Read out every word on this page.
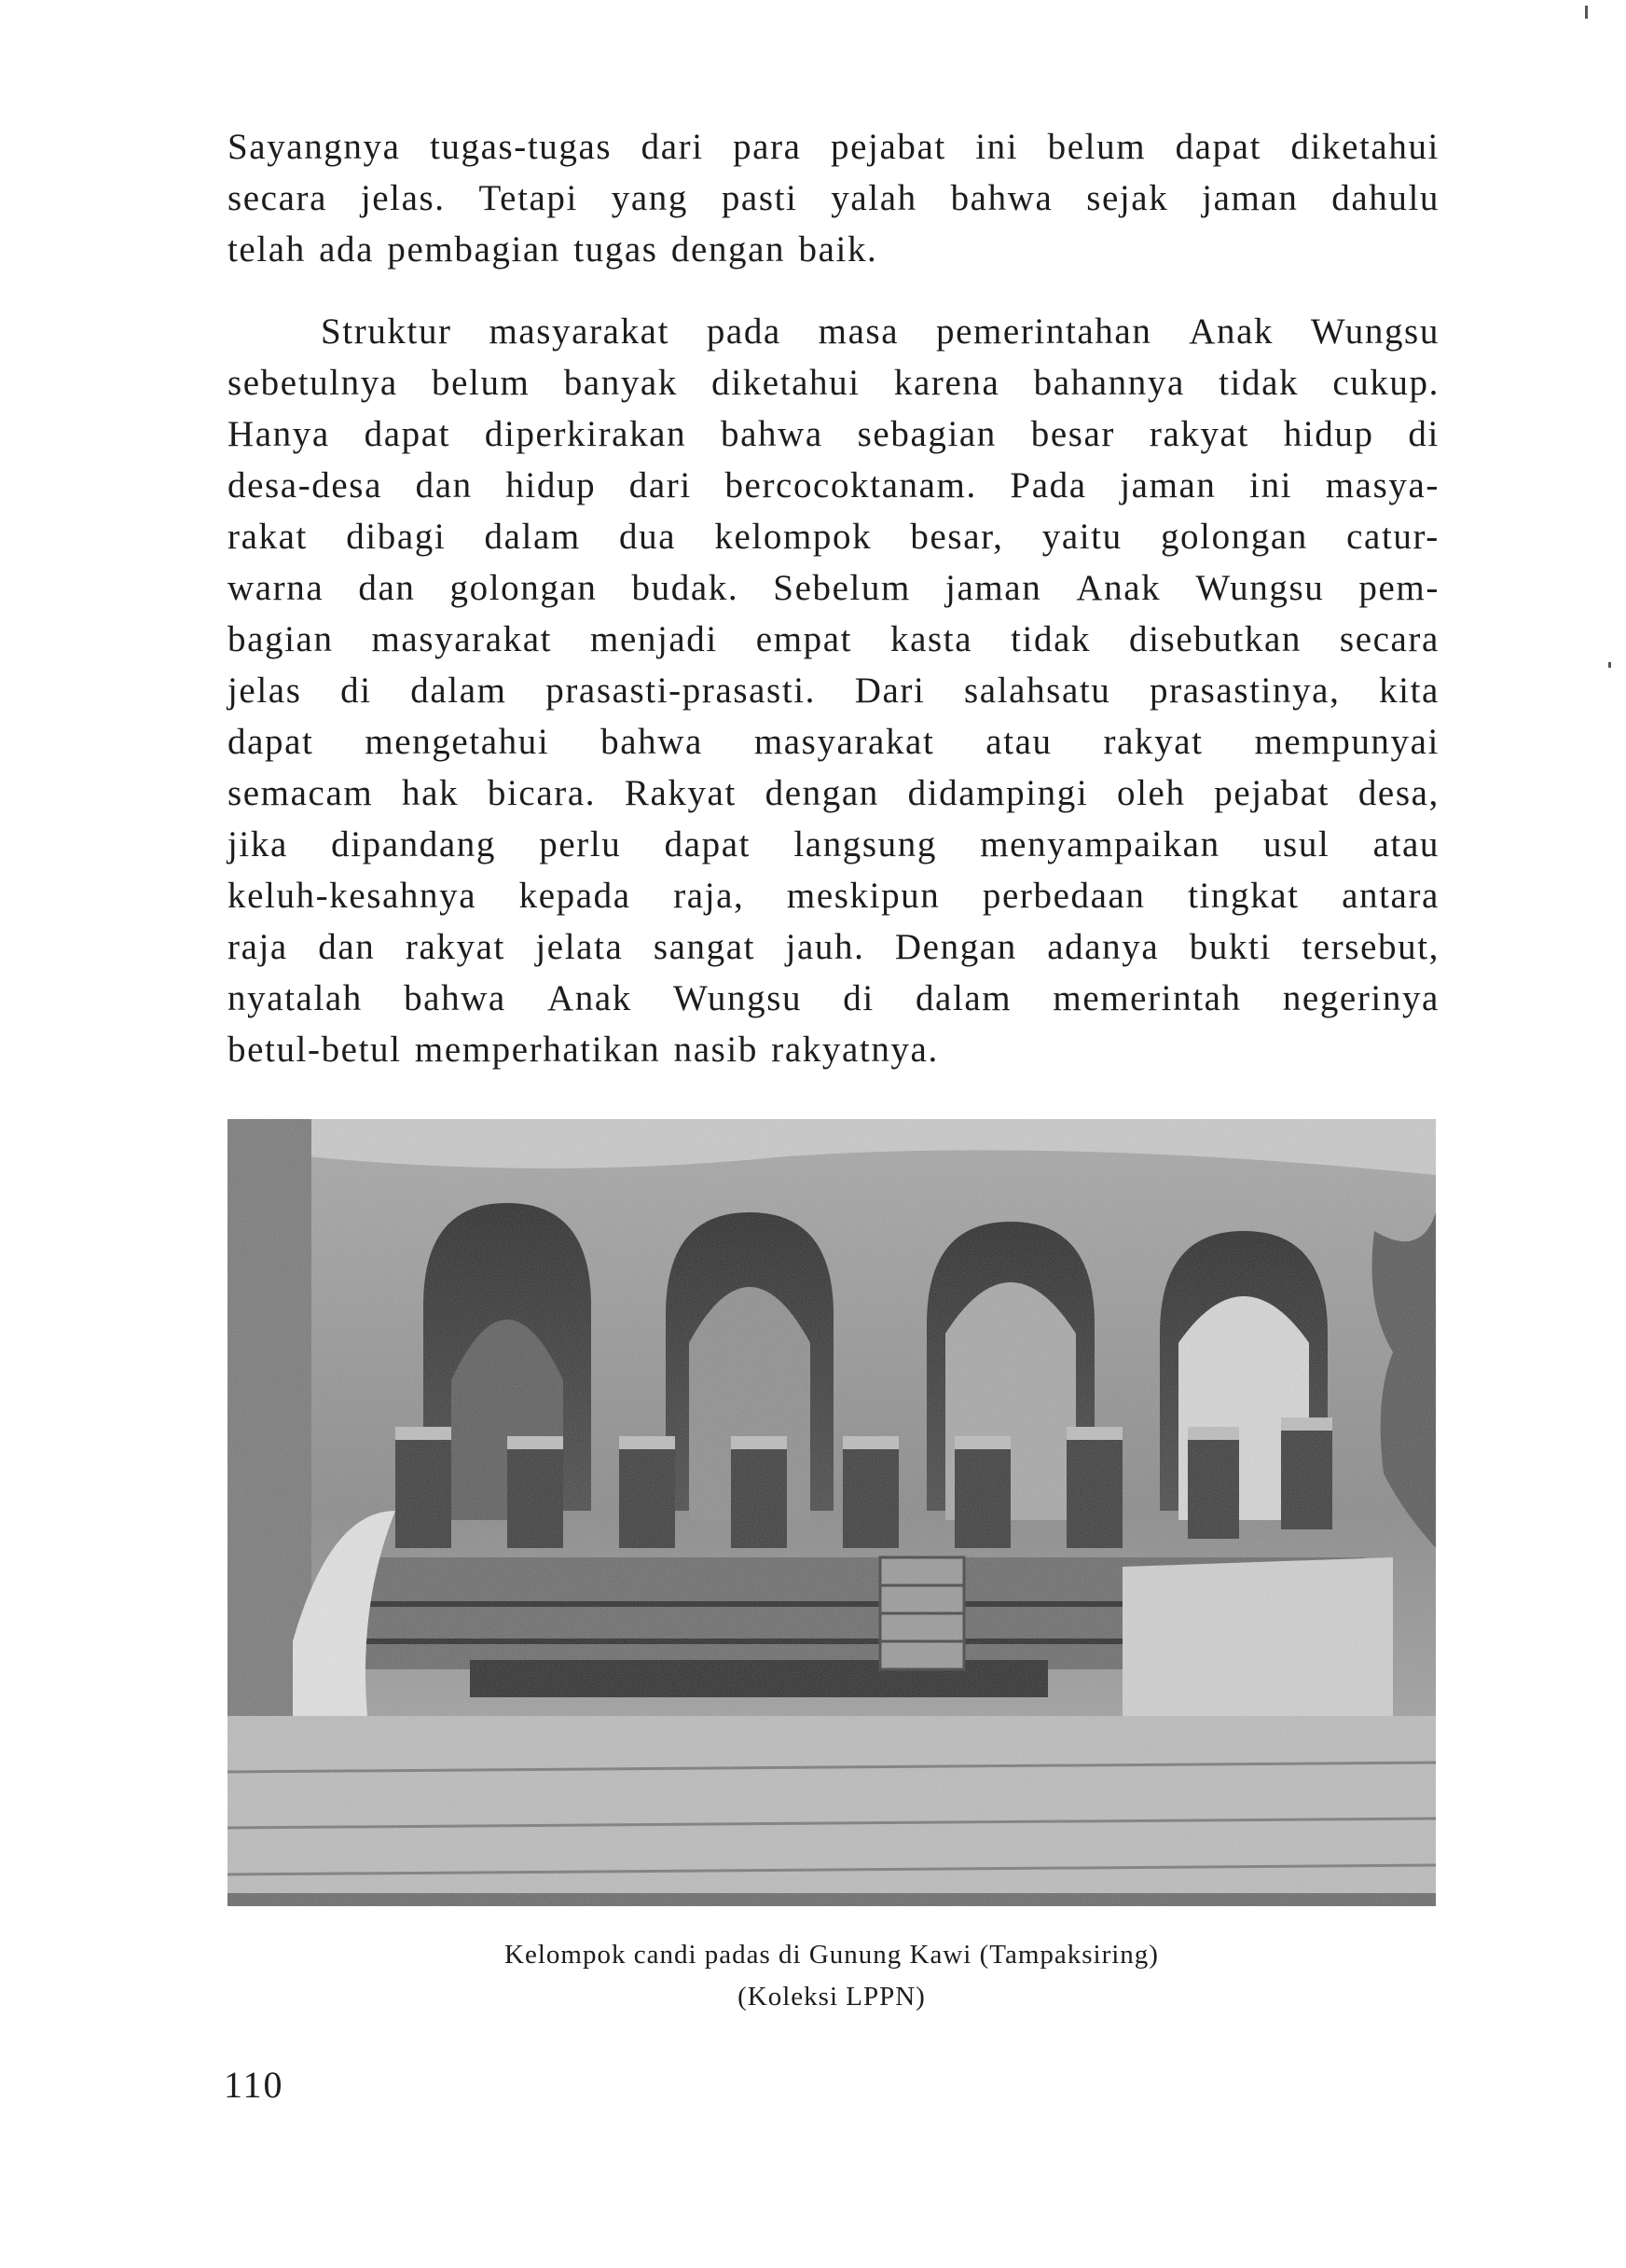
Sayangnya tugas-tugas dari para pejabat ini belum dapat diketahui
secara jelas. Tetapi yang pasti yalah bahwa sejak jaman dahulu
telah ada pembagian tugas dengan baik.
Struktur masyarakat pada masa pemerintahan Anak Wungsu
sebetulnya belum banyak diketahui karena bahannya tidak cukup.
Hanya dapat diperkirakan bahwa sebagian besar rakyat hidup di
desa-desa dan hidup dari bercocoktanam. Pada jaman ini masya-
rakat dibagi dalam dua kelompok besar, yaitu golongan catur-
warna dan golongan budak. Sebelum jaman Anak Wungsu pem-
bagian masyarakat menjadi empat kasta tidak disebutkan secara
jelas di dalam prasasti-prasasti. Dari salahsatu prasastinya, kita
dapat mengetahui bahwa masyarakat atau rakyat mempunyai
semacam hak bicara. Rakyat dengan didampingi oleh pejabat desa,
jika dipandang perlu dapat langsung menyampaikan usul atau
keluh-kesahnya kepada raja, meskipun perbedaan tingkat antara
raja dan rakyat jelata sangat jauh. Dengan adanya bukti tersebut,
nyatalah bahwa Anak Wungsu di dalam memerintah negerinya
betul-betul memperhatikan nasib rakyatnya.
Kelompok candi padas di Gunung Kawi (Tampaksiring)
(Koleksi LPPN)
110
